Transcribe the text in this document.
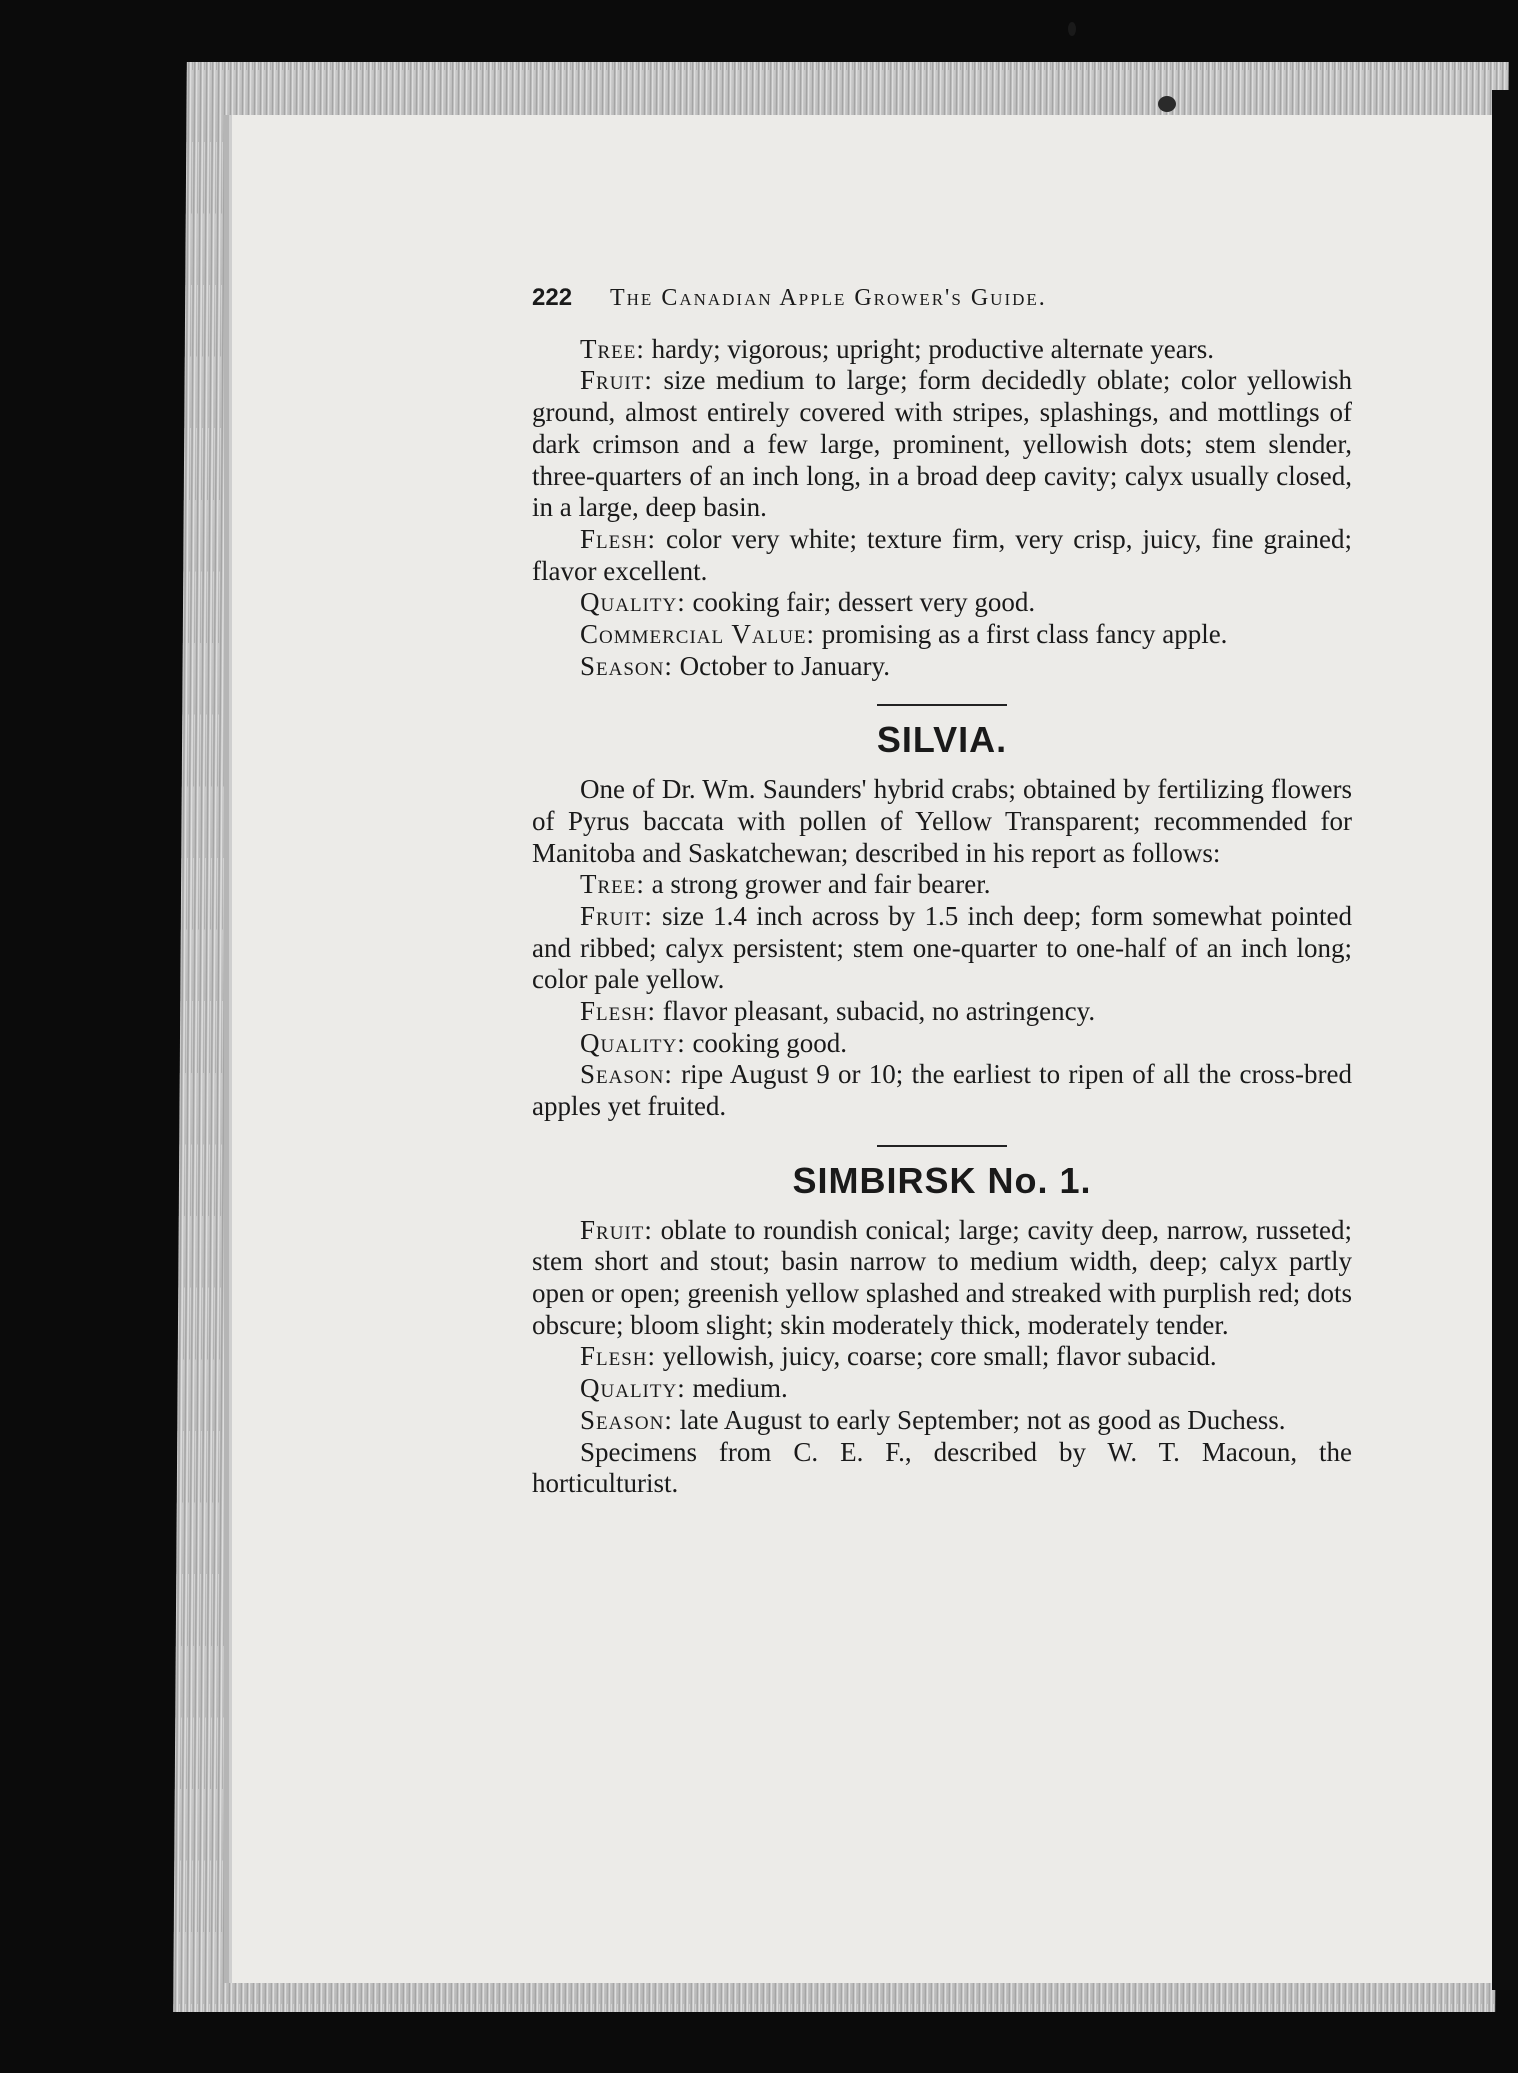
222	The Canadian Apple Grower's Guide.

Tree: hardy; vigorous; upright; productive alternate years.

Fruit: size medium to large; form decidedly oblate; color yellowish ground, almost entirely covered with stripes, splashings, and mottlings of dark crimson and a few large, prominent, yellowish dots; stem slender, three-quarters of an inch long, in a broad deep cavity; calyx usually closed, in a large, deep basin.

Flesh: color very white; texture firm, very crisp, juicy, fine grained; flavor excellent.

Quality: cooking fair; dessert very good.

Commercial Value: promising as a first class fancy apple.

Season: October to January.

SILVIA.

One of Dr. Wm. Saunders' hybrid crabs; obtained by fertilizing flowers of Pyrus baccata with pollen of Yellow Transparent; recommended for Manitoba and Saskatchewan; described in his report as follows:

Tree: a strong grower and fair bearer.

Fruit: size 1.4 inch across by 1.5 inch deep; form somewhat pointed and ribbed; calyx persistent; stem one-quarter to one-half of an inch long; color pale yellow.

Flesh: flavor pleasant, subacid, no astringency.

Quality: cooking good.

Season: ripe August 9 or 10; the earliest to ripen of all the cross-bred apples yet fruited.

SIMBIRSK No. 1.

Fruit: oblate to roundish conical; large; cavity deep, narrow, russeted; stem short and stout; basin narrow to medium width, deep; calyx partly open or open; greenish yellow splashed and streaked with purplish red; dots obscure; bloom slight; skin moderately thick, moderately tender.

Flesh: yellowish, juicy, coarse; core small; flavor subacid.

Quality: medium.

Season: late August to early September; not as good as Duchess.

Specimens from C. E. F., described by W. T. Macoun, the horticulturist.
